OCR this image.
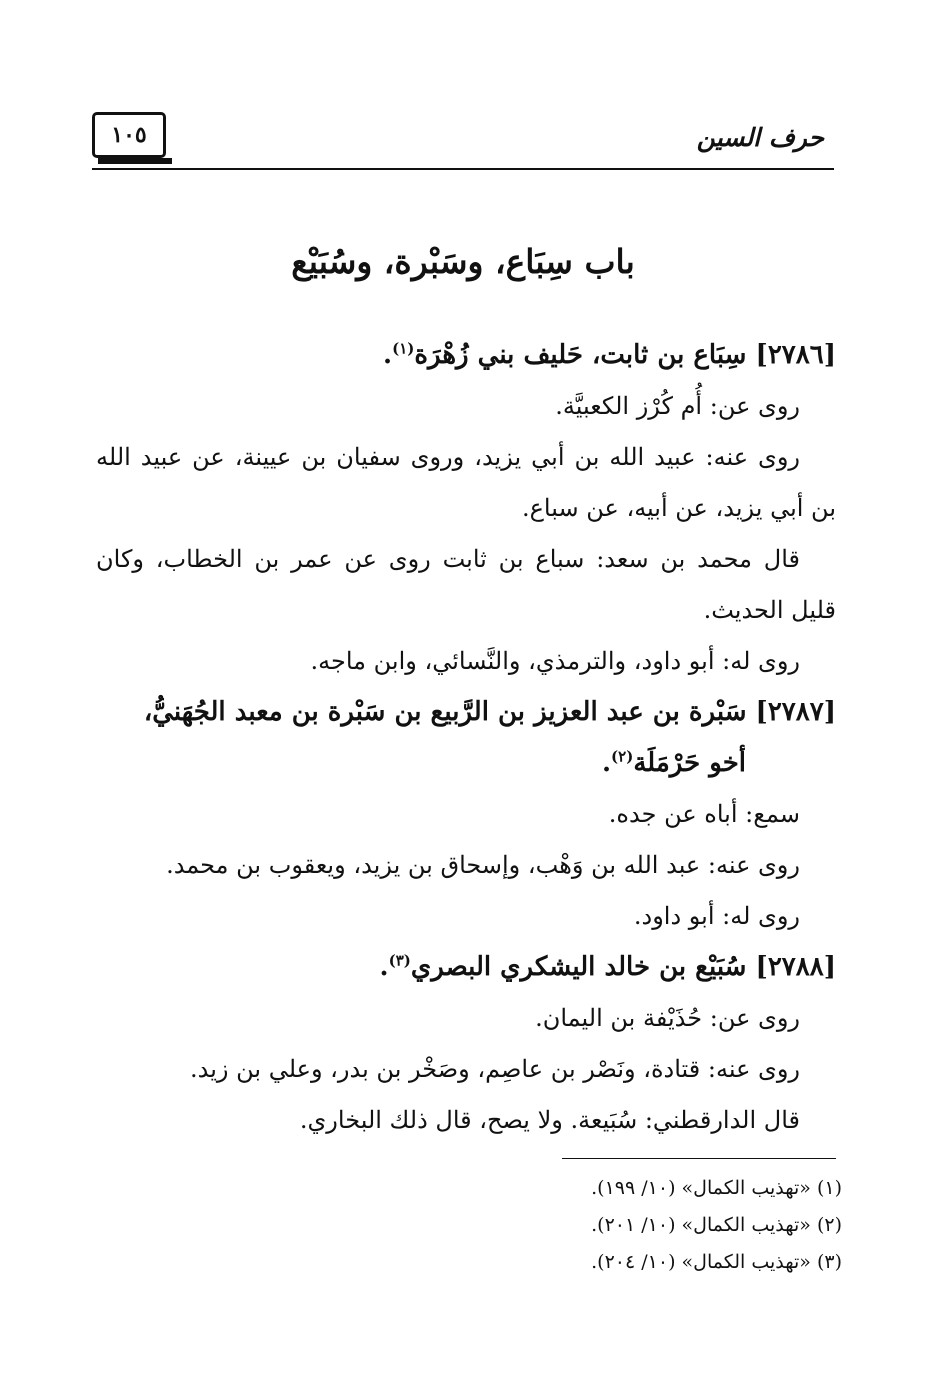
حرف السين
١٠٥
باب سِبَاع، وسَبْرة، وسُبَيْع

[٢٧٨٦] سِبَاع بن ثابت، حَليف بني زُهْرَة$^{(١)}$.

روى عن: أُم كُرْز الكعبيَّة.

روى عنه: عبيد الله بن أبي يزيد، وروى سفيان بن عيينة، عن عبيد الله بن أبي يزيد، عن أبيه، عن سباع.

قال محمد بن سعد: سباع بن ثابت روى عن عمر بن الخطاب، وكان قليل الحديث.

روى له: أبو داود، والترمذي، والنَّسائي، وابن ماجه.

[٢٧٨٧] سَبْرة بن عبد العزيز بن الرَّبيع بن سَبْرة بن معبد الجُهَنيُّ،
أخو حَرْمَلَة$^{(٢)}$.

سمع: أباه عن جده.

روى عنه: عبد الله بن وَهْب، وإسحاق بن يزيد، ويعقوب بن محمد.

روى له: أبو داود.

[٢٧٨٨] سُبَيْع بن خالد اليشكري البصري$^{(٣)}$.

روى عن: حُذَيْفة بن اليمان.

روى عنه: قتادة، ونَصْر بن عاصِم، وصَخْر بن بدر، وعلي بن زيد.

قال الدارقطني: سُبَيعة. ولا يصح، قال ذلك البخاري.

(١) «تهذيب الكمال» (١٠/ ١٩٩).

(٢) «تهذيب الكمال» (١٠/ ٢٠١).

(٣) «تهذيب الكمال» (١٠/ ٢٠٤).
